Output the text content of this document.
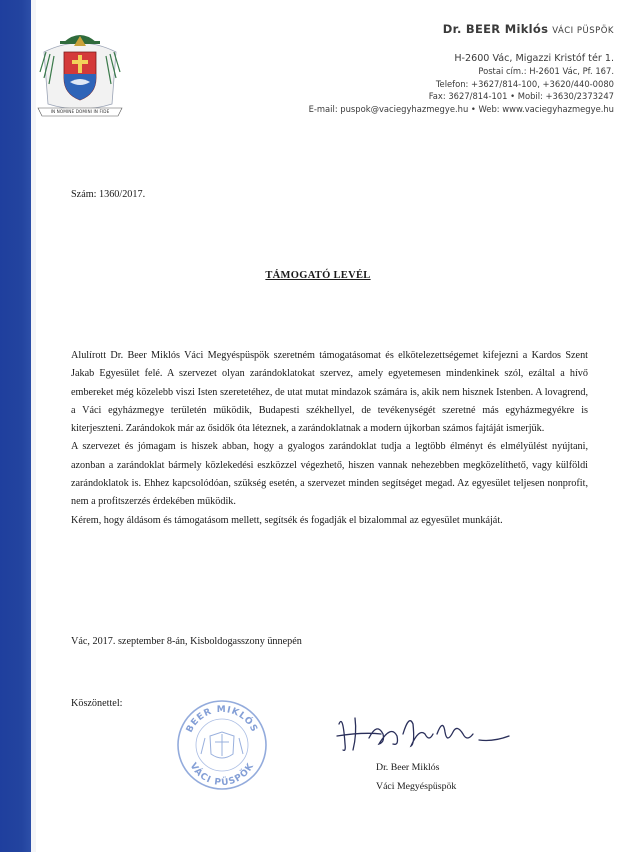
IN NOMINE DOMINI IN FIDE
Dr. BEER Miklós VÁCI PÜSPÖK
H-2600 Vác, Migazzi Kristóf tér 1.
Postai cím.: H-2601 Vác, Pf. 167.
Telefon: +3627/814-100, +3620/440-0080
Fax: 3627/814-101 • Mobil: +3630/2373247
E-mail: puspok@vaciegyhazmegye.hu • Web: www.vaciegyhazmegye.hu
Szám: 1360/2017.
TÁMOGATÓ LEVÉL

Alulírott Dr. Beer Miklós Váci Megyéspüspök szeretném támogatásomat és elkötelezettségemet kifejezni a Kardos Szent Jakab Egyesület felé. A szervezet olyan zarándoklatokat szervez, amely egyetemesen mindenkinek szól, ezáltal a hívő embereket még közelebb viszi Isten szeretetéhez, de utat mutat mindazok számára is, akik nem hisznek Istenben. A lovagrend, a Váci egyházmegye területén működik, Budapesti székhellyel, de tevékenységét szeretné más egyházmegyékre is kiterjeszteni. Zarándokok már az ősidők óta léteznek, a zarándoklatnak a modern újkorban számos fajtáját ismerjük.

A szervezet és jómagam is hiszek abban, hogy a gyalogos zarándoklat tudja a legtöbb élményt és elmélyülést nyújtani, azonban a zarándoklat bármely közlekedési eszközzel végezhető, hiszen vannak nehezebben megközelíthető, vagy külföldi zarándoklatok is. Ehhez kapcsolódóan, szükség esetén, a szervezet minden segítséget megad. Az egyesület teljesen nonprofit, nem a profitszerzés érdekében működik.

Kérem, hogy áldásom és támogatásom mellett, segítsék és fogadják el bizalommal az egyesület munkáját.

Vác, 2017. szeptember 8-án, Kisboldogasszony ünnepén
Köszönettel:
BEER MIKLÓS
VÁCI PÜSPÖK	Dr. Beer Miklós
Váci Megyéspüspök
